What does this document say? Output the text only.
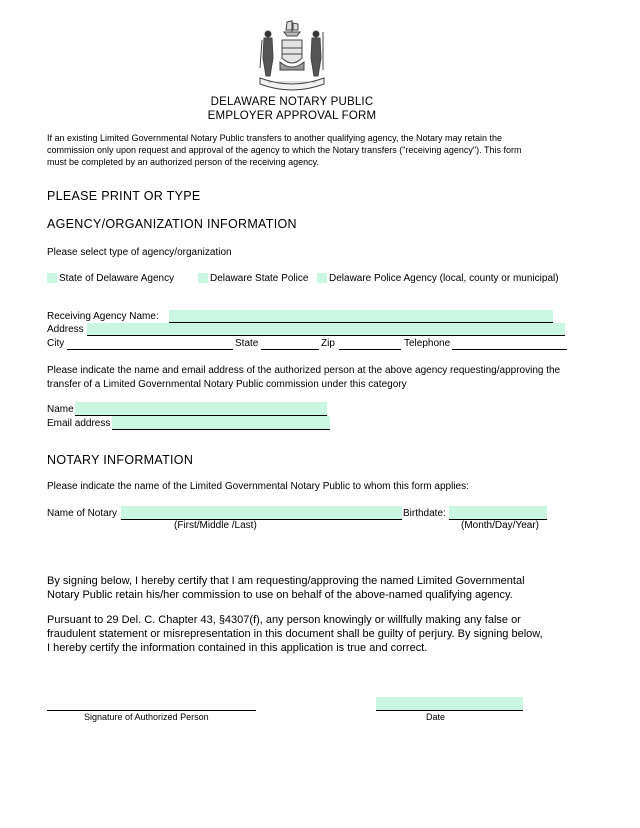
DELAWARE NOTARY PUBLIC
EMPLOYER APPROVAL FORM
If an existing Limited Governmental Notary Public transfers to another qualifying agency, the Notary may retain the
commission only upon request and approval of the agency to which the Notary transfers ("receiving agency"). This form
must be completed by an authorized person of the receiving agency.
PLEASE PRINT OR TYPE
AGENCY/ORGANIZATION INFORMATION
Please select type of agency/organization
State of Delaware Agency	Delaware State Police Delaware Police Agency (local, county or municipal)
Receiving Agency Name:
Address
City	State	Zip	Telephone
Please indicate the name and email address of the authorized person at the above agency requesting/approving the
transfer of a Limited Governmental Notary Public commission under this category
Name
Email address
NOTARY INFORMATION
Please indicate the name of the Limited Governmental Notary Public to whom this form applies:
Name of Notary	Birthdate:
(First/Middle /Last)	(Month/Day/Year)
By signing below, I hereby certify that I am requesting/approving the named Limited Governmental
Notary Public retain his/her commission to use on behalf of the above-named qualifying agency.
Pursuant to 29 Del. C. Chapter 43, §4307(f), any person knowingly or willfully making any false or
fraudulent statement or misrepresentation in this document shall be guilty of perjury. By signing below,
I hereby certify the information contained in this application is true and correct.
Signature of Authorized Person	Date
